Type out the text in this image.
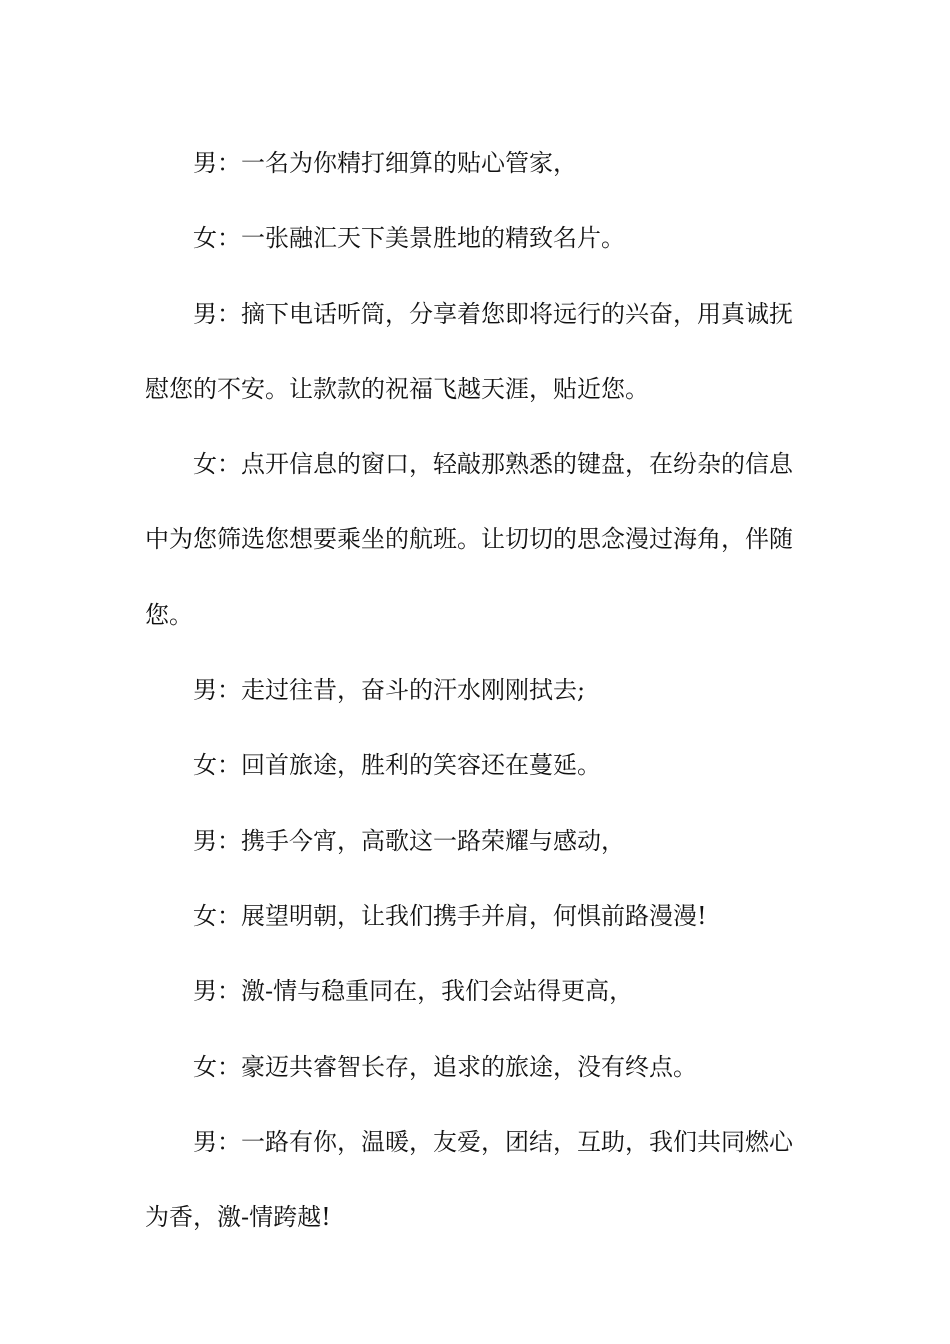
男：一名为你精打细算的贴心管家，

女：一张融汇天下美景胜地的精致名片。

男：摘下电话听筒，分享着您即将远行的兴奋，用真诚抚慰您的不安。让款款的祝福飞越天涯，贴近您。

女：点开信息的窗口，轻敲那熟悉的键盘，在纷杂的信息中为您筛选您想要乘坐的航班。让切切的思念漫过海角，伴随您。

男：走过往昔，奋斗的汗水刚刚拭去;

女：回首旅途，胜利的笑容还在蔓延。

男：携手今宵，高歌这一路荣耀与感动，

女：展望明朝，让我们携手并肩，何惧前路漫漫!

男：激-情与稳重同在，我们会站得更高，

女：豪迈共睿智长存，追求的旅途，没有终点。

男：一路有你，温暖，友爱，团结，互助，我们共同燃心为香，激-情跨越!
